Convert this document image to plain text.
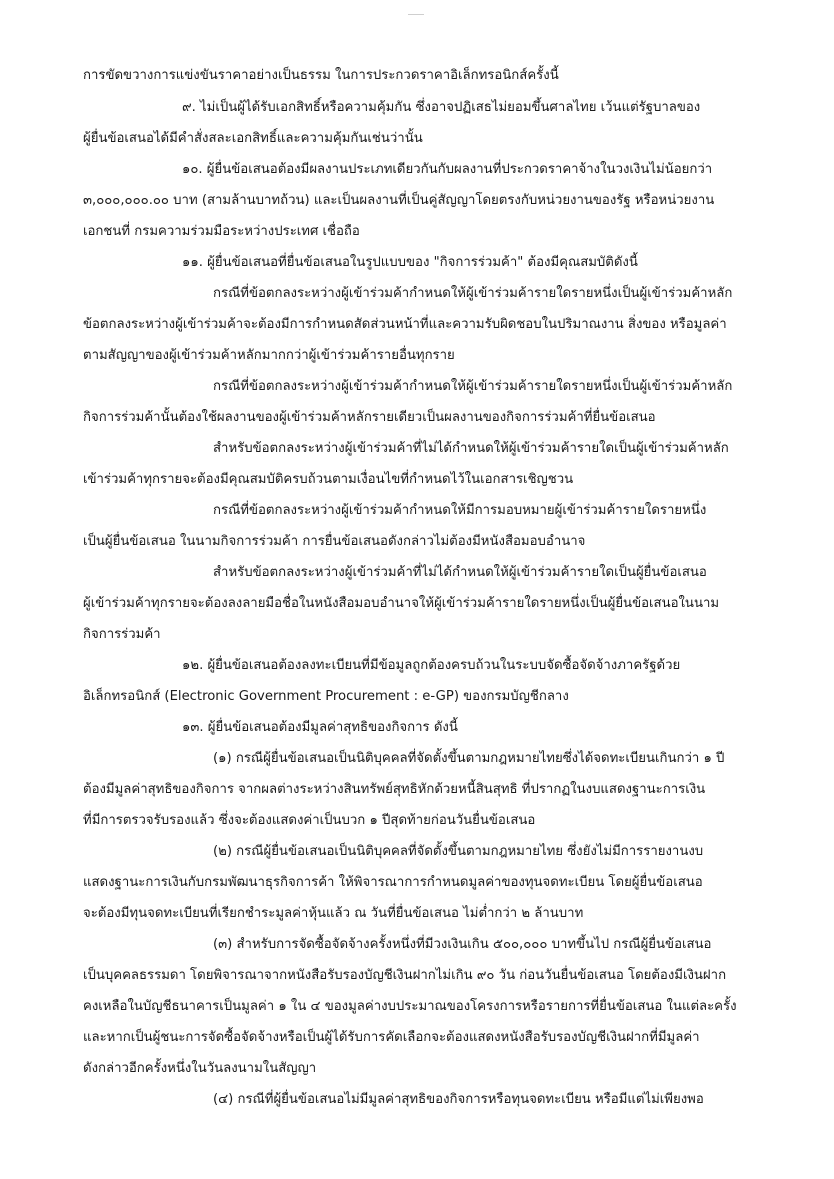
การขัดขวางการแข่งขันราคาอย่างเป็นธรรม ในการประกวดราคาอิเล็กทรอนิกส์ครั้งนี้
๙. ไม่เป็นผู้ได้รับเอกสิทธิ์หรือความคุ้มกัน ซึ่งอาจปฏิเสธไม่ยอมขึ้นศาลไทย เว้นแต่รัฐบาลของ
ผู้ยื่นข้อเสนอได้มีคำสั่งสละเอกสิทธิ์และความคุ้มกันเช่นว่านั้น
๑๐. ผู้ยื่นข้อเสนอต้องมีผลงานประเภทเดียวกันกับผลงานที่ประกวดราคาจ้างในวงเงินไม่น้อยกว่า
๓,๐๐๐,๐๐๐.๐๐ บาท (สามล้านบาทถ้วน) และเป็นผลงานที่เป็นคู่สัญญาโดยตรงกับหน่วยงานของรัฐ หรือหน่วยงาน
เอกชนที่ กรมความร่วมมือระหว่างประเทศ เชื่อถือ
๑๑. ผู้ยื่นข้อเสนอที่ยื่นข้อเสนอในรูปแบบของ "กิจการร่วมค้า" ต้องมีคุณสมบัติดังนี้
กรณีที่ข้อตกลงระหว่างผู้เข้าร่วมค้ากำหนดให้ผู้เข้าร่วมค้ารายใดรายหนึ่งเป็นผู้เข้าร่วมค้าหลัก
ข้อตกลงระหว่างผู้เข้าร่วมค้าจะต้องมีการกำหนดสัดส่วนหน้าที่และความรับผิดชอบในปริมาณงาน สิ่งของ หรือมูลค่า
ตามสัญญาของผู้เข้าร่วมค้าหลักมากกว่าผู้เข้าร่วมค้ารายอื่นทุกราย
กรณีที่ข้อตกลงระหว่างผู้เข้าร่วมค้ากำหนดให้ผู้เข้าร่วมค้ารายใดรายหนึ่งเป็นผู้เข้าร่วมค้าหลัก
กิจการร่วมค้านั้นต้องใช้ผลงานของผู้เข้าร่วมค้าหลักรายเดียวเป็นผลงานของกิจการร่วมค้าที่ยื่นข้อเสนอ
สำหรับข้อตกลงระหว่างผู้เข้าร่วมค้าที่ไม่ได้กำหนดให้ผู้เข้าร่วมค้ารายใดเป็นผู้เข้าร่วมค้าหลัก
เข้าร่วมค้าทุกรายจะต้องมีคุณสมบัติครบถ้วนตามเงื่อนไขที่กำหนดไว้ในเอกสารเชิญชวน
กรณีที่ข้อตกลงระหว่างผู้เข้าร่วมค้ากำหนดให้มีการมอบหมายผู้เข้าร่วมค้ารายใดรายหนึ่ง
เป็นผู้ยื่นข้อเสนอ ในนามกิจการร่วมค้า การยื่นข้อเสนอดังกล่าวไม่ต้องมีหนังสือมอบอำนาจ
สำหรับข้อตกลงระหว่างผู้เข้าร่วมค้าที่ไม่ได้กำหนดให้ผู้เข้าร่วมค้ารายใดเป็นผู้ยื่นข้อเสนอ
ผู้เข้าร่วมค้าทุกรายจะต้องลงลายมือชื่อในหนังสือมอบอำนาจให้ผู้เข้าร่วมค้ารายใดรายหนึ่งเป็นผู้ยื่นข้อเสนอในนาม
กิจการร่วมค้า
๑๒. ผู้ยื่นข้อเสนอต้องลงทะเบียนที่มีข้อมูลถูกต้องครบถ้วนในระบบจัดซื้อจัดจ้างภาครัฐด้วย
อิเล็กทรอนิกส์ (Electronic Government Procurement : e-GP) ของกรมบัญชีกลาง
๑๓. ผู้ยื่นข้อเสนอต้องมีมูลค่าสุทธิของกิจการ ดังนี้
(๑) กรณีผู้ยื่นข้อเสนอเป็นนิติบุคคลที่จัดตั้งขึ้นตามกฎหมายไทยซึ่งได้จดทะเบียนเกินกว่า ๑ ปี
ต้องมีมูลค่าสุทธิของกิจการ จากผลต่างระหว่างสินทรัพย์สุทธิหักด้วยหนี้สินสุทธิ ที่ปรากฏในงบแสดงฐานะการเงิน
ที่มีการตรวจรับรองแล้ว ซึ่งจะต้องแสดงค่าเป็นบวก ๑ ปีสุดท้ายก่อนวันยื่นข้อเสนอ
(๒) กรณีผู้ยื่นข้อเสนอเป็นนิติบุคคลที่จัดตั้งขึ้นตามกฎหมายไทย ซึ่งยังไม่มีการรายงานงบ
แสดงฐานะการเงินกับกรมพัฒนาธุรกิจการค้า ให้พิจารณาการกำหนดมูลค่าของทุนจดทะเบียน โดยผู้ยื่นข้อเสนอ
จะต้องมีทุนจดทะเบียนที่เรียกชำระมูลค่าหุ้นแล้ว ณ วันที่ยื่นข้อเสนอ ไม่ต่ำกว่า ๒ ล้านบาท
(๓) สำหรับการจัดซื้อจัดจ้างครั้งหนึ่งที่มีวงเงินเกิน ๕๐๐,๐๐๐ บาทขึ้นไป กรณีผู้ยื่นข้อเสนอ
เป็นบุคคลธรรมดา โดยพิจารณาจากหนังสือรับรองบัญชีเงินฝากไม่เกิน ๙๐ วัน ก่อนวันยื่นข้อเสนอ โดยต้องมีเงินฝาก
คงเหลือในบัญชีธนาคารเป็นมูลค่า ๑ ใน ๔ ของมูลค่างบประมาณของโครงการหรือรายการที่ยื่นข้อเสนอ ในแต่ละครั้ง
และหากเป็นผู้ชนะการจัดซื้อจัดจ้างหรือเป็นผู้ได้รับการคัดเลือกจะต้องแสดงหนังสือรับรองบัญชีเงินฝากที่มีมูลค่า
ดังกล่าวอีกครั้งหนึ่งในวันลงนามในสัญญา
(๔) กรณีที่ผู้ยื่นข้อเสนอไม่มีมูลค่าสุทธิของกิจการหรือทุนจดทะเบียน หรือมีแต่ไม่เพียงพอ
